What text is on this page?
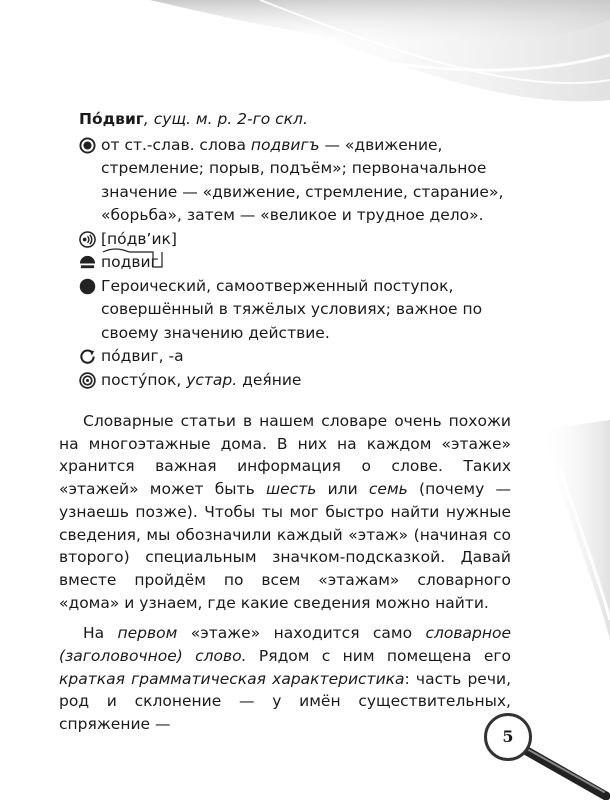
По́двиг, сущ. м. р. 2-го скл.
от ст.-слав. слова подвигъ — «движение, стремление; порыв, подъём»; первоначальное значение — «движение, стремление, старание», «борьба», затем — «великое и трудное дело».
[по́дв’ик]
подвиг
Героический, самоотверженный поступок, совершённый в тяжёлых условиях; важное по своему значению действие.
по́двиг, -а
посту́пок, устар. дея́ние

Словарные статьи в нашем словаре очень похожи на многоэтажные дома. В них на каждом «этаже» хранится важная информация о слове. Таких «этажей» может быть шесть или семь (почему — узнаешь позже). Чтобы ты мог быстро найти нужные сведения, мы обозначили каждый «этаж» (начиная со второго) специальным значком-подсказкой. Давай вместе пройдём по всем «этажам» словарного «дома» и узнаем, где какие сведения можно найти.

На первом «этаже» находится само словарное (заголовочное) слово. Рядом с ним помещена его краткая грамматическая характеристика: часть речи, род и склонение — у имён существительных, спряжение —

5
